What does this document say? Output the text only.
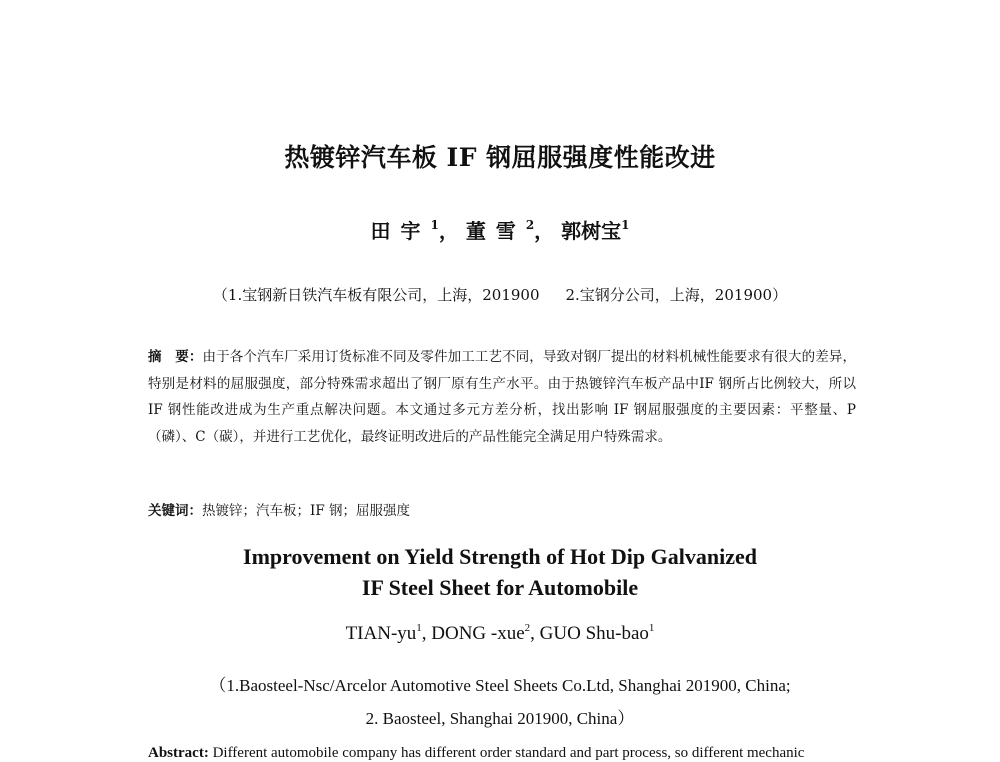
热镀锌汽车板 IF 钢屈服强度性能改进
田宇$^1$， 董雪$^2$， 郭树宝$^1$
（1.宝钢新日铁汽车板有限公司，上海，201900 2.宝钢分公司，上海，201900）
摘　要：由于各个汽车厂采用订货标准不同及零件加工工艺不同，导致对钢厂提出的材料机械性能要求有很大的差异，特别是材料的屈服强度，部分特殊需求超出了钢厂原有生产水平。由于热镀锌汽车板产品中IF 钢所占比例较大，所以 IF 钢性能改进成为生产重点解决问题。本文通过多元方差分析，找出影响 IF 钢屈服强度的主要因素：平整量、P（磷）、C（碳），并进行工艺优化，最终证明改进后的产品性能完全满足用户特殊需求。
关键词：热镀锌；汽车板；IF 钢；屈服强度
Improvement on Yield Strength of Hot Dip Galvanized
IF Steel Sheet for Automobile
TIAN-$yu^1$, DONG -xue$^2$, GUO Shu-bao$^1$
（1.Baosteel-Nsc/Arcelor Automotive Steel Sheets Co.Ltd, Shanghai 201900, China;
2. Baosteel, Shanghai 201900, China）
Abstract: Different automobile company has different order standard and part process, so different mechanic
